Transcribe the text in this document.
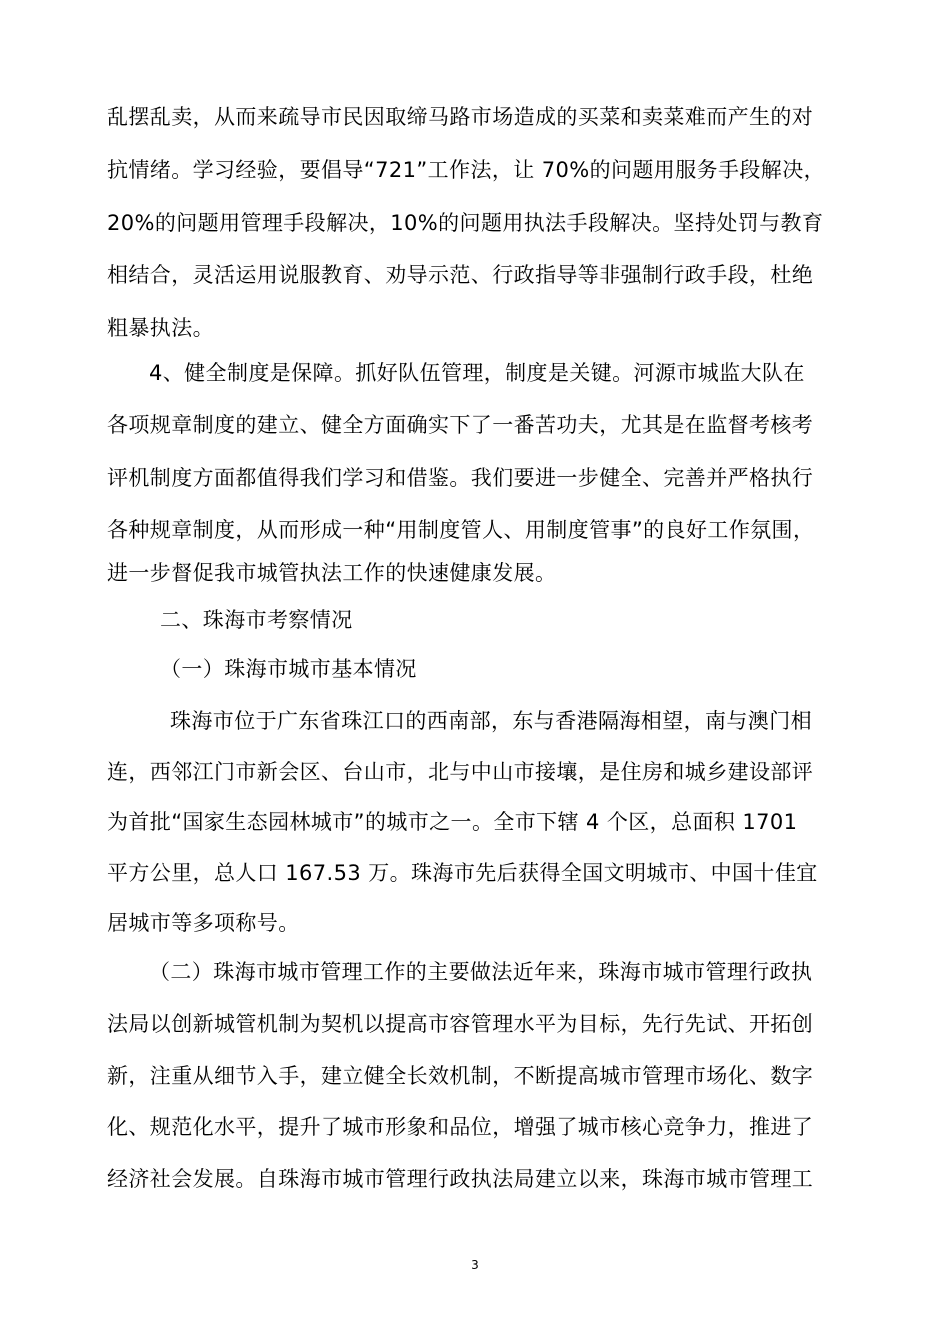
乱摆乱卖，从而来疏导市民因取缔马路市场造成的买菜和卖菜难而产生的对
抗情绪。学习经验，要倡导“721”工作法，让 70%的问题用服务手段解决，
20%的问题用管理手段解决，10%的问题用执法手段解决。坚持处罚与教育
相结合，灵活运用说服教育、劝导示范、行政指导等非强制行政手段，杜绝
粗暴执法。
4、健全制度是保障。抓好队伍管理，制度是关键。河源市城监大队在
各项规章制度的建立、健全方面确实下了一番苦功夫，尤其是在监督考核考
评机制度方面都值得我们学习和借鉴。我们要进一步健全、完善并严格执行
各种规章制度，从而形成一种“用制度管人、用制度管事”的良好工作氛围，
进一步督促我市城管执法工作的快速健康发展。
二、珠海市考察情况
（一）珠海市城市基本情况
珠海市位于广东省珠江口的西南部，东与香港隔海相望，南与澳门相
连，西邻江门市新会区、台山市，北与中山市接壤，是住房和城乡建设部评
为首批“国家生态园林城市”的城市之一。全市下辖 4 个区，总面积 1701
平方公里，总人口 167.53 万。珠海市先后获得全国文明城市、中国十佳宜
居城市等多项称号。
（二）珠海市城市管理工作的主要做法近年来，珠海市城市管理行政执
法局以创新城管机制为契机以提高市容管理水平为目标，先行先试、开拓创
新，注重从细节入手，建立健全长效机制，不断提高城市管理市场化、数字
化、规范化水平，提升了城市形象和品位，增强了城市核心竞争力，推进了
经济社会发展。自珠海市城市管理行政执法局建立以来，珠海市城市管理工
3
